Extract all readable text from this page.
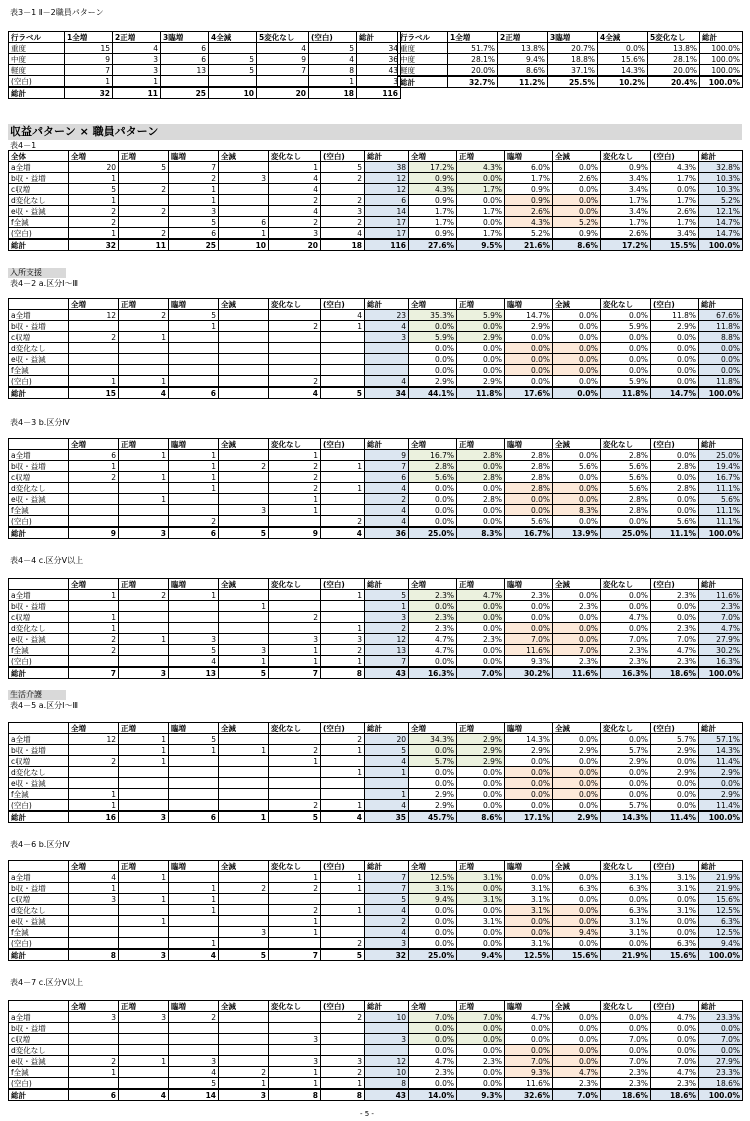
表3－1 Ⅱ－2職員パターン
行ラベル	1全増	2正増	3臨増	4全減	5変化なし	(空白)	総計
重度	15	4	6		4	5	34
中度	9	3	6	5	9	4	36
軽度	7	3	13	5	7	8	43
(空白)	1	1				1	3
総計	32	11	25	10	20	18	116
行ラベル	1全増	2正増	3臨増	4全減	5変化なし	総計
重度	51.7%	13.8%	20.7%	0.0%	13.8%	100.0%
中度	28.1%	9.4%	18.8%	15.6%	28.1%	100.0%
軽度	20.0%	8.6%	37.1%	14.3%	20.0%	100.0%
総計	32.7%	11.2%	25.5%	10.2%	20.4%	100.0%
収益パターン × 職員パターン
表4－1
全体	全増	正増	臨増	全減	変化なし	(空白)	総計	全増	正増	臨増	全減	変化なし	(空白)	総計
a全増	20	5	7		1	5	38	17.2%	4.3%	6.0%	0.0%	0.9%	4.3%	32.8%
b収・益増	1		2	3	4	2	12	0.9%	0.0%	1.7%	2.6%	3.4%	1.7%	10.3%
c収増	5	2	1		4		12	4.3%	1.7%	0.9%	0.0%	3.4%	0.0%	10.3%
d変化なし	1		1		2	2	6	0.9%	0.0%	0.9%	0.0%	1.7%	1.7%	5.2%
e収・益減	2	2	3		4	3	14	1.7%	1.7%	2.6%	0.0%	3.4%	2.6%	12.1%
f全減	2		5	6	2	2	17	1.7%	0.0%	4.3%	5.2%	1.7%	1.7%	14.7%
(空白)	1	2	6	1	3	4	17	0.9%	1.7%	5.2%	0.9%	2.6%	3.4%	14.7%
総計	32	11	25	10	20	18	116	27.6%	9.5%	21.6%	8.6%	17.2%	15.5%	100.0%
入所支援
表4－2 a.区分Ⅰ～Ⅲ
	全増	正増	臨増	全減	変化なし	(空白)	総計	全増	正増	臨増	全減	変化なし	(空白)	総計
a全増	12	2	5			4	23	35.3%	5.9%	14.7%	0.0%	0.0%	11.8%	67.6%
b収・益増			1		2	1	4	0.0%	0.0%	2.9%	0.0%	5.9%	2.9%	11.8%
c収増	2	1					3	5.9%	2.9%	0.0%	0.0%	0.0%	0.0%	8.8%
d変化なし								0.0%	0.0%	0.0%	0.0%	0.0%	0.0%	0.0%
e収・益減								0.0%	0.0%	0.0%	0.0%	0.0%	0.0%	0.0%
f全減								0.0%	0.0%	0.0%	0.0%	0.0%	0.0%	0.0%
(空白)	1	1			2		4	2.9%	2.9%	0.0%	0.0%	5.9%	0.0%	11.8%
総計	15	4	6		4	5	34	44.1%	11.8%	17.6%	0.0%	11.8%	14.7%	100.0%
表4－3 b.区分Ⅳ
	全増	正増	臨増	全減	変化なし	(空白)	総計	全増	正増	臨増	全減	変化なし	(空白)	総計
a全増	6	1	1		1		9	16.7%	2.8%	2.8%	0.0%	2.8%	0.0%	25.0%
b収・益増	1		1	2	2	1	7	2.8%	0.0%	2.8%	5.6%	5.6%	2.8%	19.4%
c収増	2	1	1		2		6	5.6%	2.8%	2.8%	0.0%	5.6%	0.0%	16.7%
d変化なし			1		2	1	4	0.0%	0.0%	2.8%	0.0%	5.6%	2.8%	11.1%
e収・益減		1			1		2	0.0%	2.8%	0.0%	0.0%	2.8%	0.0%	5.6%
f全減				3	1		4	0.0%	0.0%	0.0%	8.3%	2.8%	0.0%	11.1%
(空白)			2			2	4	0.0%	0.0%	5.6%	0.0%	0.0%	5.6%	11.1%
総計	9	3	6	5	9	4	36	25.0%	8.3%	16.7%	13.9%	25.0%	11.1%	100.0%
表4－4 c.区分Ⅴ以上
	全増	正増	臨増	全減	変化なし	(空白)	総計	全増	正増	臨増	全減	変化なし	(空白)	総計
a全増	1	2	1			1	5	2.3%	4.7%	2.3%	0.0%	0.0%	2.3%	11.6%
b収・益増				1			1	0.0%	0.0%	0.0%	2.3%	0.0%	0.0%	2.3%
c収増	1				2		3	2.3%	0.0%	0.0%	0.0%	4.7%	0.0%	7.0%
d変化なし	1					1	2	2.3%	0.0%	0.0%	0.0%	0.0%	2.3%	4.7%
e収・益減	2	1	3		3	3	12	4.7%	2.3%	7.0%	0.0%	7.0%	7.0%	27.9%
f全減	2		5	3	1	2	13	4.7%	0.0%	11.6%	7.0%	2.3%	4.7%	30.2%
(空白)			4	1	1	1	7	0.0%	0.0%	9.3%	2.3%	2.3%	2.3%	16.3%
総計	7	3	13	5	7	8	43	16.3%	7.0%	30.2%	11.6%	16.3%	18.6%	100.0%
生活介護
表4－5 a.区分Ⅰ～Ⅲ
	全増	正増	臨増	全減	変化なし	(空白)	総計	全増	正増	臨増	全減	変化なし	(空白)	総計
a全増	12	1	5			2	20	34.3%	2.9%	14.3%	0.0%	0.0%	5.7%	57.1%
b収・益増		1	1	1	2	1	5	0.0%	2.9%	2.9%	2.9%	5.7%	2.9%	14.3%
c収増	2	1			1		4	5.7%	2.9%	0.0%	0.0%	2.9%	0.0%	11.4%
d変化なし						1	1	0.0%	0.0%	0.0%	0.0%	0.0%	2.9%	2.9%
e収・益減								0.0%	0.0%	0.0%	0.0%	0.0%	0.0%	0.0%
f全減	1						1	2.9%	0.0%	0.0%	0.0%	0.0%	0.0%	2.9%
(空白)	1				2	1	4	2.9%	0.0%	0.0%	0.0%	5.7%	0.0%	11.4%
総計	16	3	6	1	5	4	35	45.7%	8.6%	17.1%	2.9%	14.3%	11.4%	100.0%
表4－6 b.区分Ⅳ
	全増	正増	臨増	全減	変化なし	(空白)	総計	全増	正増	臨増	全減	変化なし	(空白)	総計
a全増	4	1			1	1	7	12.5%	3.1%	0.0%	0.0%	3.1%	3.1%	21.9%
b収・益増	1		1	2	2	1	7	3.1%	0.0%	3.1%	6.3%	6.3%	3.1%	21.9%
c収増	3	1	1				5	9.4%	3.1%	3.1%	0.0%	0.0%	0.0%	15.6%
d変化なし			1		2	1	4	0.0%	0.0%	3.1%	0.0%	6.3%	3.1%	12.5%
e収・益減		1			1		2	0.0%	3.1%	0.0%	0.0%	3.1%	0.0%	6.3%
f全減				3	1		4	0.0%	0.0%	0.0%	9.4%	3.1%	0.0%	12.5%
(空白)			1			2	3	0.0%	0.0%	3.1%	0.0%	0.0%	6.3%	9.4%
総計	8	3	4	5	7	5	32	25.0%	9.4%	12.5%	15.6%	21.9%	15.6%	100.0%
表4－7 c.区分Ⅴ以上
	全増	正増	臨増	全減	変化なし	(空白)	総計	全増	正増	臨増	全減	変化なし	(空白)	総計
a全増	3	3	2			2	10	7.0%	7.0%	4.7%	0.0%	0.0%	4.7%	23.3%
b収・益増								0.0%	0.0%	0.0%	0.0%	0.0%	0.0%	0.0%
c収増					3		3	0.0%	0.0%	0.0%	0.0%	7.0%	0.0%	7.0%
d変化なし								0.0%	0.0%	0.0%	0.0%	0.0%	0.0%	0.0%
e収・益減	2	1	3		3	3	12	4.7%	2.3%	7.0%	0.0%	7.0%	7.0%	27.9%
f全減	1		4	2	1	2	10	2.3%	0.0%	9.3%	4.7%	2.3%	4.7%	23.3%
(空白)			5	1	1	1	8	0.0%	0.0%	11.6%	2.3%	2.3%	2.3%	18.6%
総計	6	4	14	3	8	8	43	14.0%	9.3%	32.6%	7.0%	18.6%	18.6%	100.0%
- 5 -
